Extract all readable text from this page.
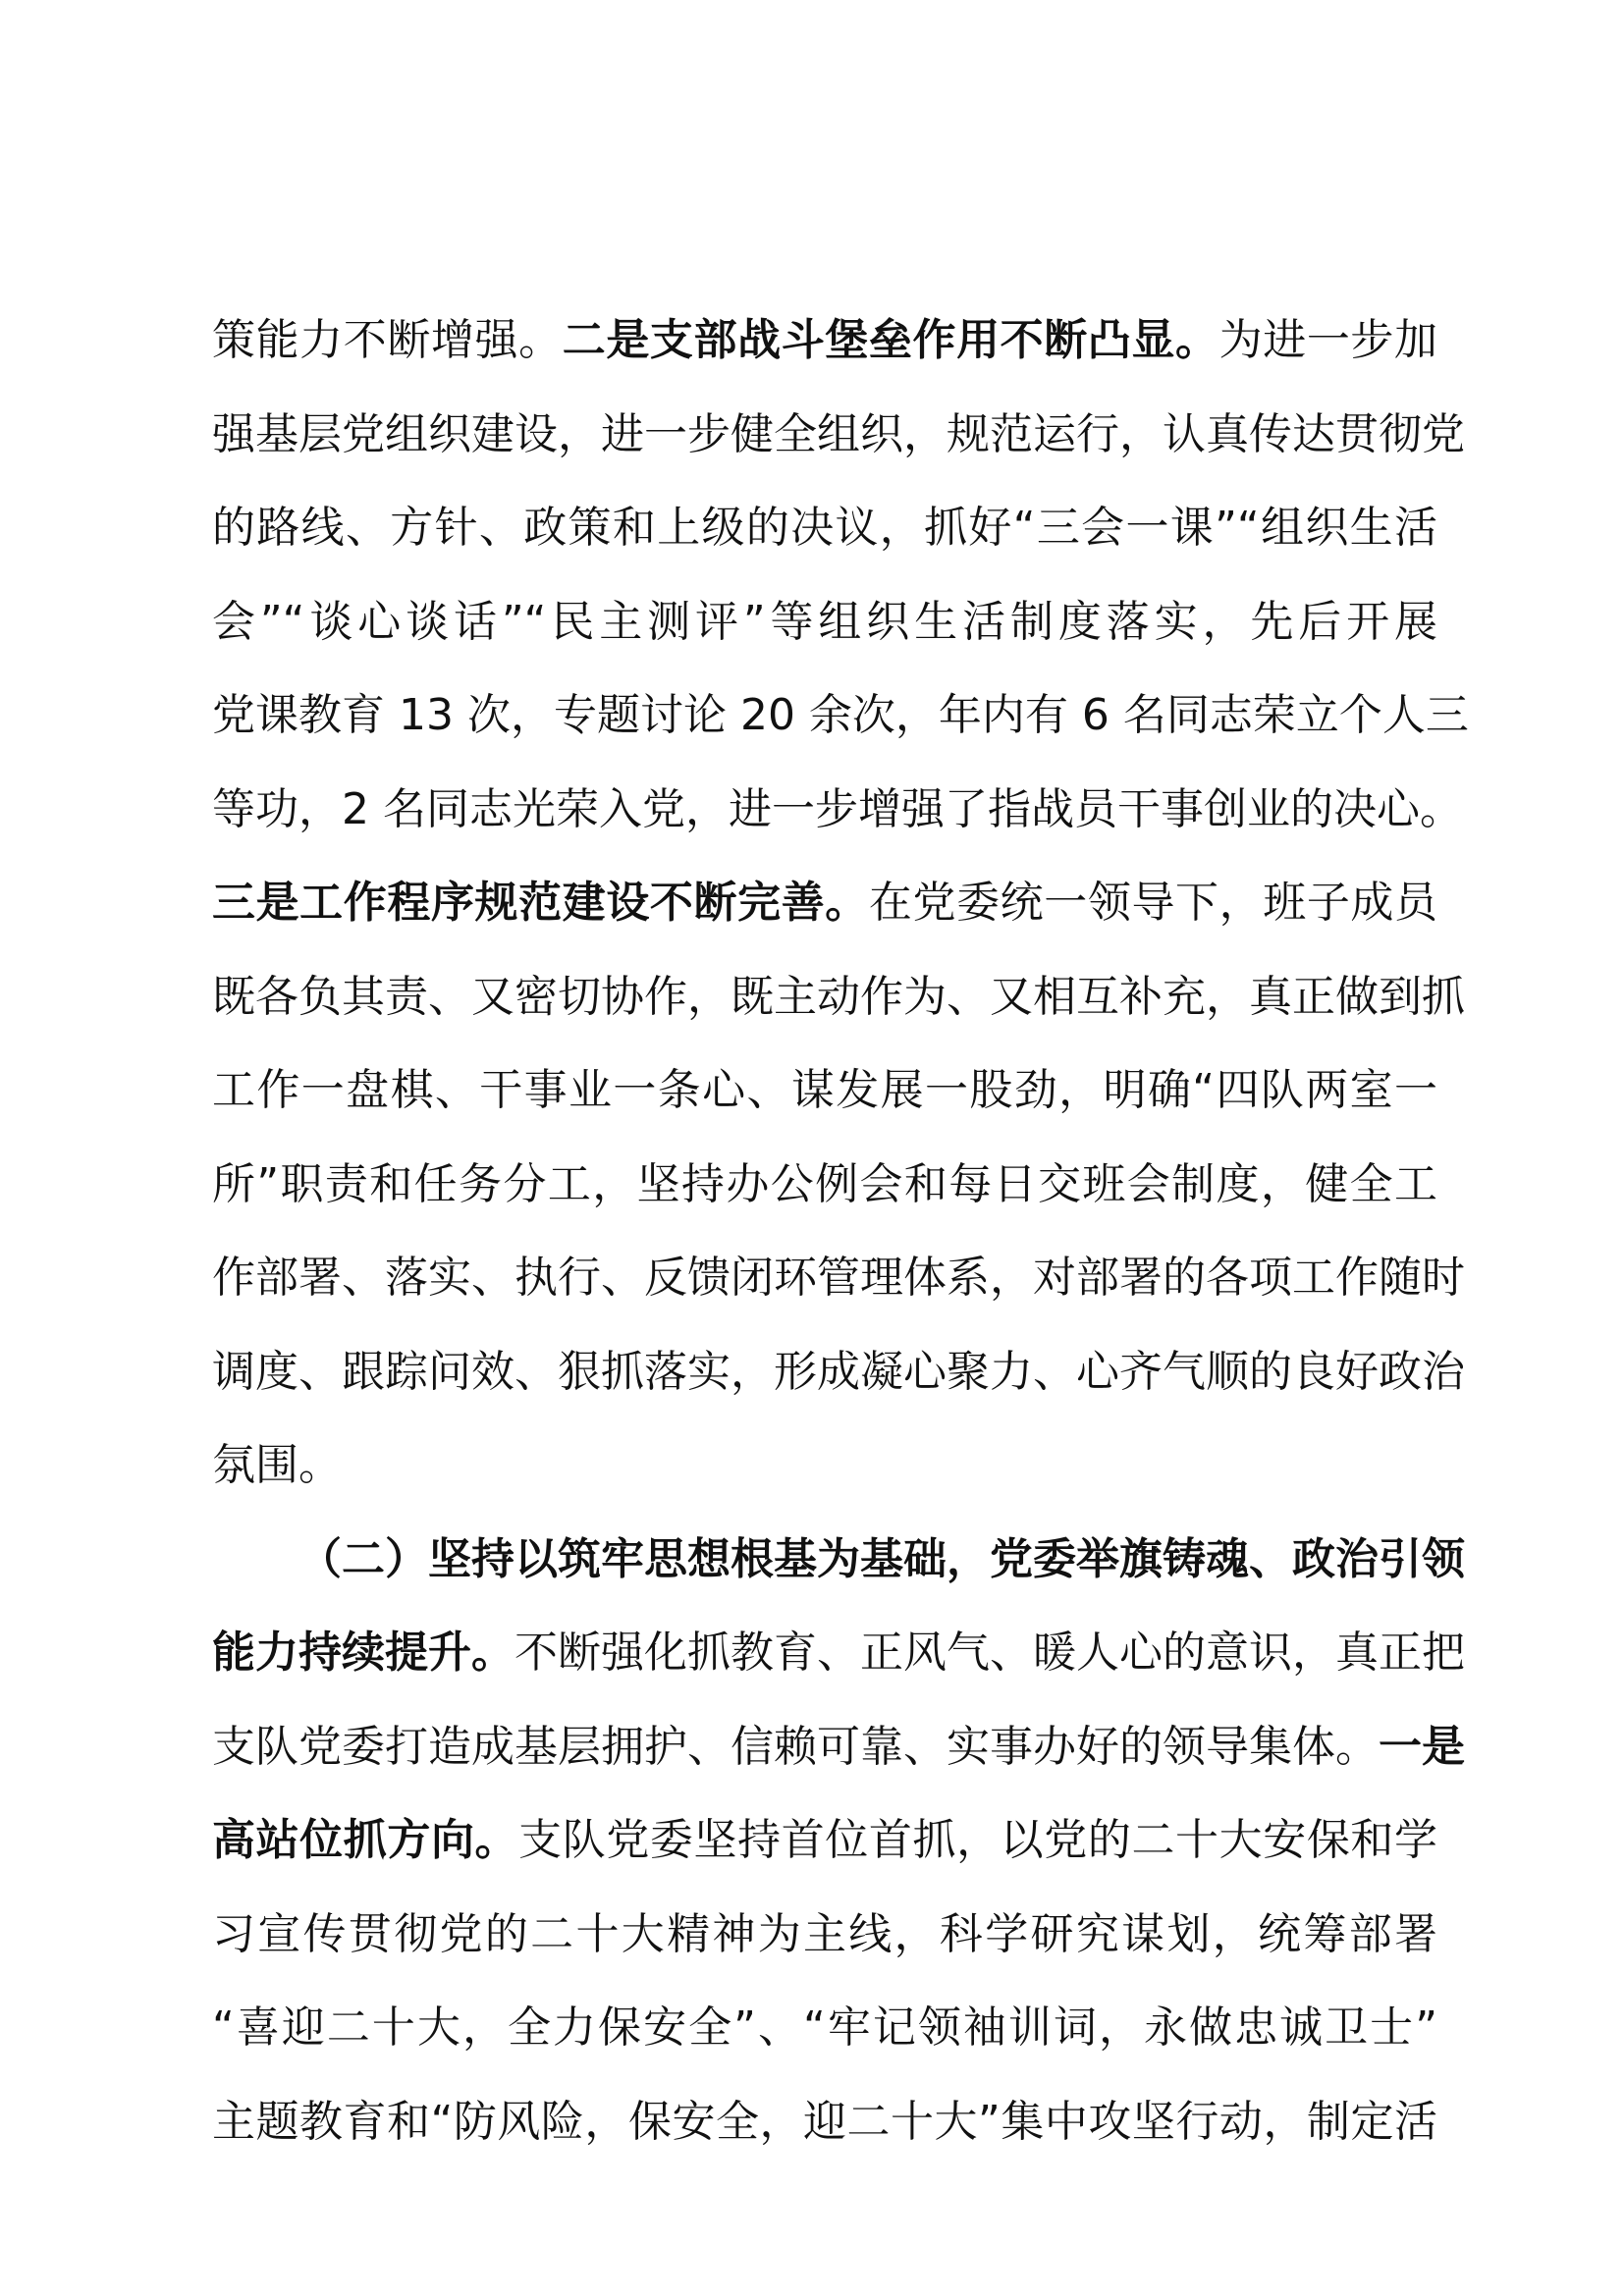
策能力不断增强。二是支部战斗堡垒作用不断凸显。为进一步加
强基层党组织建设，进一步健全组织，规范运行，认真传达贯彻党
的路线、方针、政策和上级的决议，抓好“三会一课”“组织生活
会”“谈心谈话”“民主测评”等组织生活制度落实，先后开展
党课教育 13 次，专题讨论 20 余次，年内有 6 名同志荣立个人三
等功，2 名同志光荣入党，进一步增强了指战员干事创业的决心。
三是工作程序规范建设不断完善。在党委统一领导下，班子成员
既各负其责、又密切协作，既主动作为、又相互补充，真正做到抓
工作一盘棋、干事业一条心、谋发展一股劲，明确“四队两室一
所”职责和任务分工，坚持办公例会和每日交班会制度，健全工
作部署、落实、执行、反馈闭环管理体系，对部署的各项工作随时
调度、跟踪问效、狠抓落实，形成凝心聚力、心齐气顺的良好政治
氛围。
（二）坚持以筑牢思想根基为基础，党委举旗铸魂、政治引领
能力持续提升。不断强化抓教育、正风气、暖人心的意识，真正把
支队党委打造成基层拥护、信赖可靠、实事办好的领导集体。一是
高站位抓方向。支队党委坚持首位首抓，以党的二十大安保和学
习宣传贯彻党的二十大精神为主线，科学研究谋划，统筹部署
“喜迎二十大，全力保安全”、“牢记领袖训词，永做忠诚卫士”
主题教育和“防风险，保安全，迎二十大”集中攻坚行动，制定活
